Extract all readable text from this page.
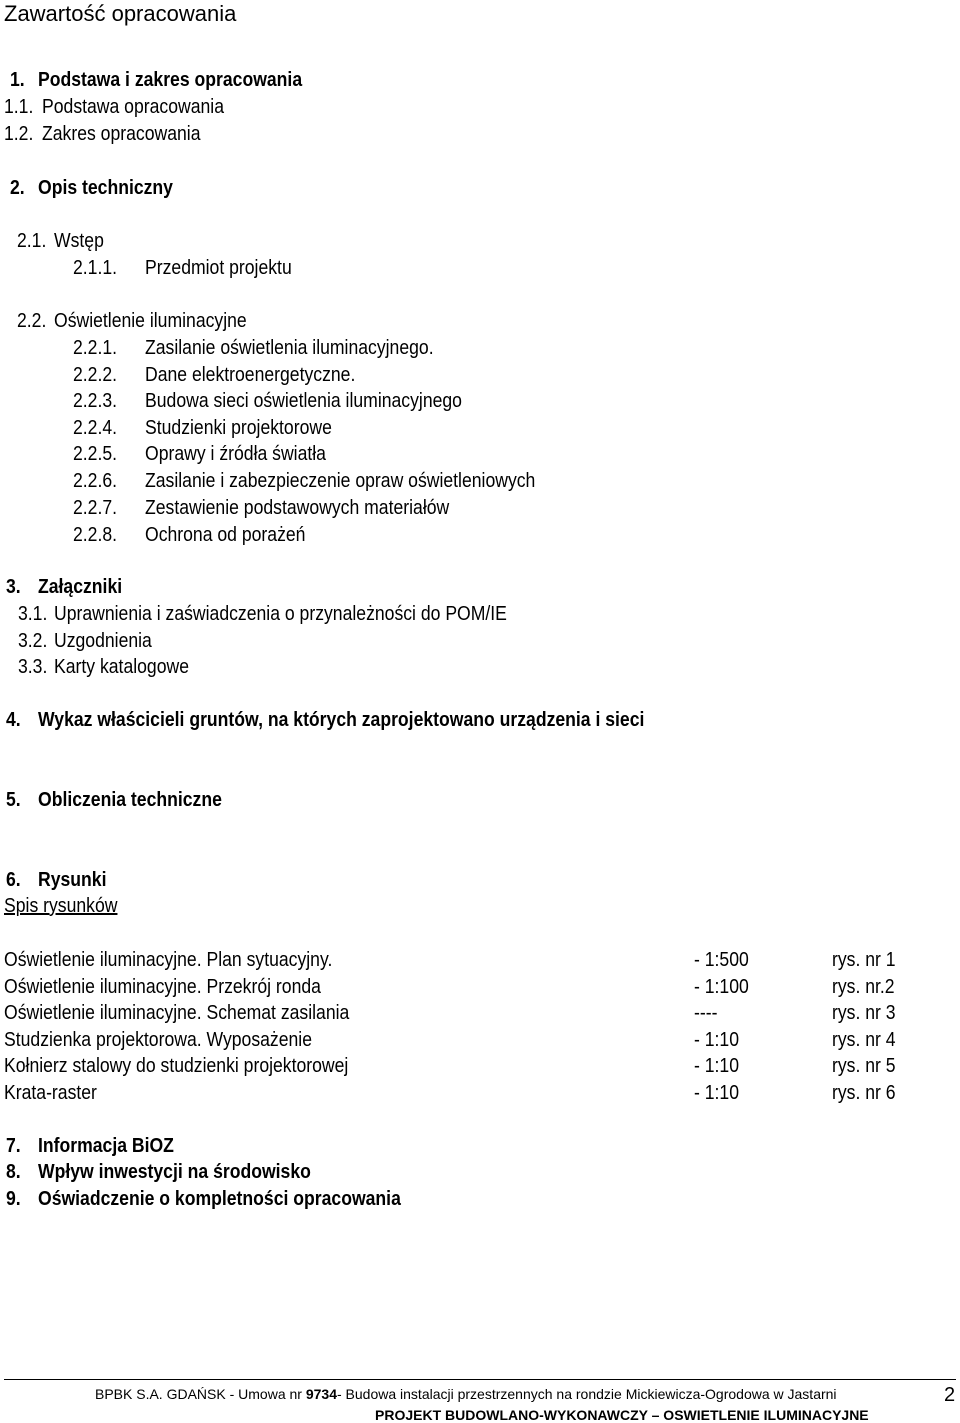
Zawartość opracowania
1. Podstawa i zakres opracowania
1.1. Podstawa opracowania
1.2. Zakres opracowania
2. Opis techniczny
2.1. Wstęp
2.1.1. Przedmiot projektu
2.2. Oświetlenie iluminacyjne
2.2.1. Zasilanie oświetlenia iluminacyjnego.
2.2.2. Dane elektroenergetyczne.
2.2.3. Budowa sieci oświetlenia iluminacyjnego
2.2.4. Studzienki projektorowe
2.2.5. Oprawy i źródła światła
2.2.6. Zasilanie i zabezpieczenie opraw oświetleniowych
2.2.7. Zestawienie podstawowych materiałów
2.2.8. Ochrona od porażeń
3. Załączniki
3.1. Uprawnienia i zaświadczenia o przynależności do POM/IE
3.2. Uzgodnienia
3.3. Karty katalogowe
4. Wykaz właścicieli gruntów, na których zaprojektowano urządzenia i sieci
5. Obliczenia techniczne
6. Rysunki
Spis rysunków
Oświetlenie iluminacyjne. Plan sytuacyjny.	- 1:500	rys. nr 1
Oświetlenie iluminacyjne. Przekrój ronda	- 1:100	rys. nr.2
Oświetlenie iluminacyjne. Schemat zasilania	----	rys. nr 3
Studzienka projektorowa. Wyposażenie	- 1:10	rys. nr 4
Kołnierz stalowy do studzienki projektorowej	- 1:10	rys. nr 5
Krata-raster	- 1:10	rys. nr 6
7. Informacja BiOZ
8. Wpływ inwestycji na środowisko
9. Oświadczenie o kompletności opracowania
BPBK S.A. GDAŃSK - Umowa nr 9734- Budowa instalacji przestrzennych na rondzie Mickiewicza-Ogrodowa w Jastarni
PROJEKT BUDOWLANO-WYKONAWCZY – OSWIETLENIE ILUMINACYJNE
2
